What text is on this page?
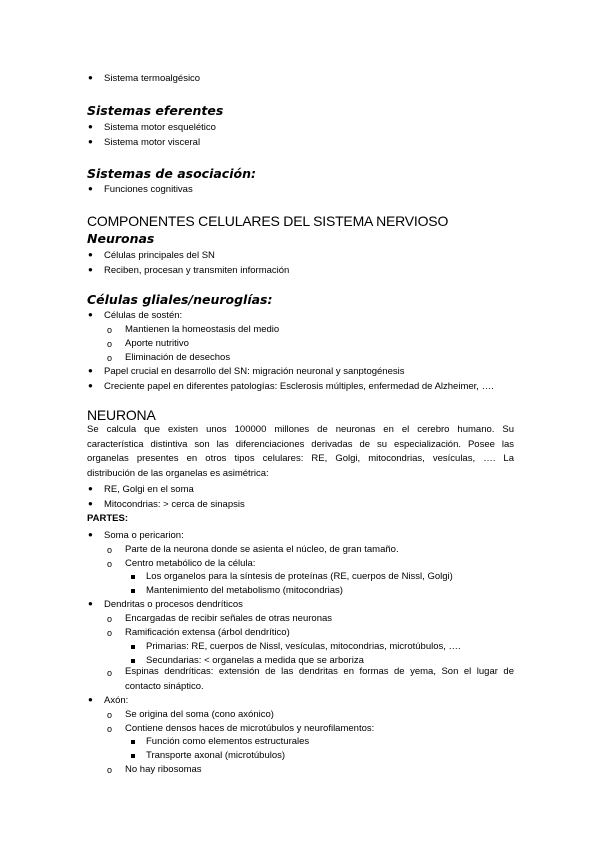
● Sistema termoalgésico
Sistemas eferentes
● Sistema motor esquelético
● Sistema motor visceral
Sistemas de asociación:
● Funciones cognitivas
COMPONENTES CELULARES DEL SISTEMA NERVIOSO
Neuronas
● Células principales del SN
● Reciben, procesan y transmiten información
Células gliales/neuroglías:
● Células de sostén:
o Mantienen la homeostasis del medio
o Aporte nutritivo
o Eliminación de desechos
● Papel crucial en desarrollo del SN: migración neuronal y sanptogénesis
● Creciente papel en diferentes patologías: Esclerosis múltiples, enfermedad de Alzheimer, ….
NEURONA
Se calcula que existen unos 100000 millones de neuronas en el cerebro humano. Su
característica distintiva son las diferenciaciones derivadas de su especialización. Posee las
organelas presentes en otros tipos celulares: RE, Golgi, mitocondrias, vesículas, …. La
distribución de las organelas es asimétrica:
● RE, Golgi en el soma
● Mitocondrias: > cerca de sinapsis
PARTES:
● Soma o pericarion:
o Parte de la neurona donde se asienta el núcleo, de gran tamaño.
o Centro metabólico de la célula:
Los organelos para la síntesis de proteínas (RE, cuerpos de Nissl, Golgi)
Mantenimiento del metabolismo (mitocondrias)
● Dendritas o procesos dendríticos
o Encargadas de recibir señales de otras neuronas
o Ramificación extensa (árbol dendrítico)
Primarias: RE, cuerpos de Nissl, vesículas, mitocondrias, microtúbulos, ….
Secundarias: < organelas a medida que se arboriza
o Espinas dendríticas: extensión de las dendritas en formas de yema, Son el lugar de
contacto sináptico.
● Axón:
o Se origina del soma (cono axónico)
o Contiene densos haces de microtúbulos y neurofilamentos:
Función como elementos estructurales
Transporte axonal (microtúbulos)
o No hay ribosomas
